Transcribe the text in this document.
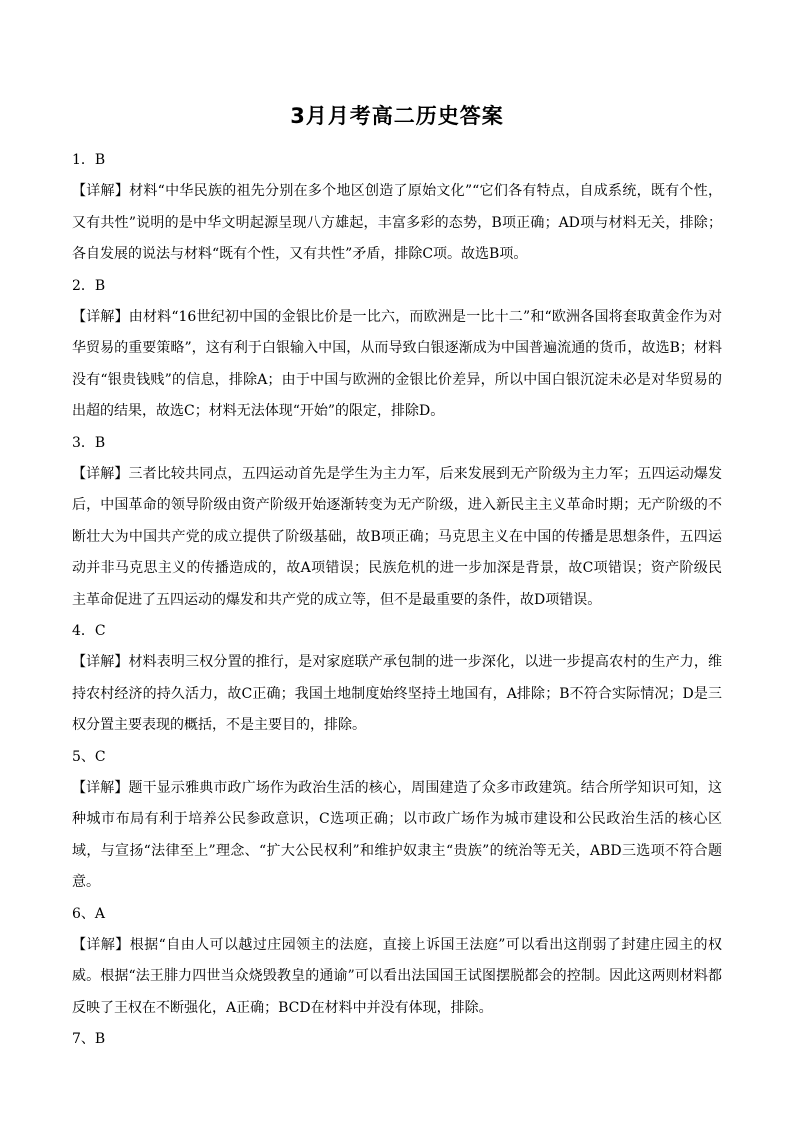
3月月考高二历史答案
1．B
【详解】材料“中华民族的祖先分别在多个地区创造了原始文化”“它们各有特点，自成系统，既有个性，又有共性”说明的是中华文明起源呈现八方雄起，丰富多彩的态势，B项正确；AD项与材料无关，排除；各自发展的说法与材料“既有个性，又有共性”矛盾，排除C项。故选B项。
2．B
【详解】由材料“16世纪初中国的金银比价是一比六，而欧洲是一比十二”和“欧洲各国将套取黄金作为对华贸易的重要策略”，这有利于白银输入中国，从而导致白银逐渐成为中国普遍流通的货币，故选B；材料没有“银贵钱贱”的信息，排除A；由于中国与欧洲的金银比价差异，所以中国白银沉淀未必是对华贸易的出超的结果，故选C；材料无法体现“开始”的限定，排除D。
3．B
【详解】三者比较共同点，五四运动首先是学生为主力军，后来发展到无产阶级为主力军；五四运动爆发后，中国革命的领导阶级由资产阶级开始逐渐转变为无产阶级，进入新民主主义革命时期；无产阶级的不断壮大为中国共产党的成立提供了阶级基础，故B项正确；马克思主义在中国的传播是思想条件，五四运动并非马克思主义的传播造成的，故A项错误；民族危机的进一步加深是背景，故C项错误；资产阶级民主革命促进了五四运动的爆发和共产党的成立等，但不是最重要的条件，故D项错误。
4．C
【详解】材料表明三权分置的推行，是对家庭联产承包制的进一步深化，以进一步提高农村的生产力，维持农村经济的持久活力，故C正确；我国土地制度始终坚持土地国有，A排除；B不符合实际情况；D是三权分置主要表现的概括，不是主要目的，排除。
5、C
【详解】题干显示雅典市政广场作为政治生活的核心，周围建造了众多市政建筑。结合所学知识可知，这种城市布局有利于培养公民参政意识，C选项正确；以市政广场作为城市建设和公民政治生活的核心区域，与宣扬“法律至上”理念、“扩大公民权利”和维护奴隶主“贵族”的统治等无关，ABD三选项不符合题意。
6、A
【详解】根据“自由人可以越过庄园领主的法庭，直接上诉国王法庭”可以看出这削弱了封建庄园主的权威。根据“法王腓力四世当众烧毁教皇的通谕”可以看出法国国王试图摆脱都会的控制。因此这两则材料都反映了王权在不断强化，A正确；BCD在材料中并没有体现，排除。
7、B
